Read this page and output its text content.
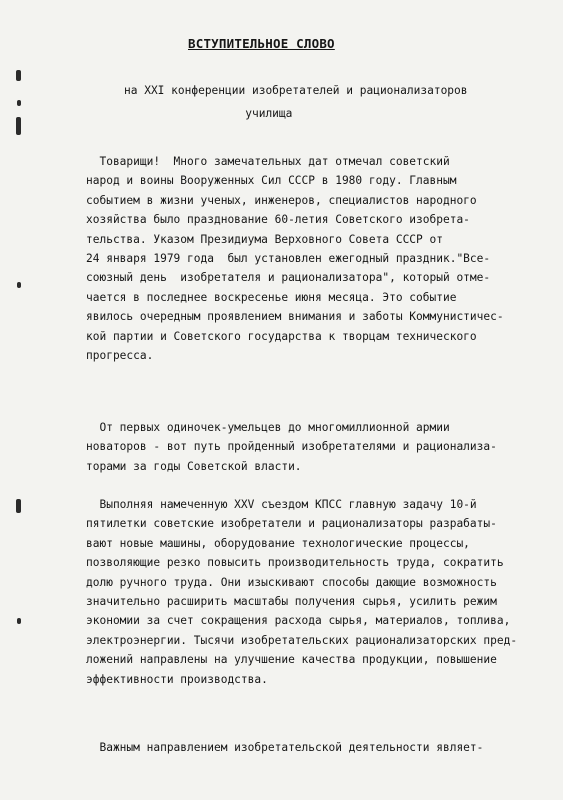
ВСТУПИТЕЛЬНОЕ СЛОВО
на XXI конференции изобретателей и рационализаторов
училища
Товарищи!  Много замечательных дат отмечал советский
народ и воины Вооруженных Сил СССР в 1980 году. Главным
событием в жизни ученых, инженеров, специалистов народного
хозяйства было празднование 60-летия Советского изобрета-
тельства. Указом Президиума Верховного Совета СССР от
24 января 1979 года  был установлен ежегодный праздник."Все-
союзный день  изобретателя и рационализатора", который отме-
чается в последнее воскресенье июня месяца. Это событие
явилось очередным проявлением внимания и заботы Коммунистичес-
кой партии и Советского государства к творцам технического
прогресса.
От первых одиночек-умельцев до многомиллионной армии
новаторов - вот путь пройденный изобретателями и рационализа-
торами за годы Советской власти.
Выполняя намеченную XXV съездом КПСС главную задачу 10-й
пятилетки советские изобретатели и рационализаторы разрабаты-
вают новые машины, оборудование технологические процессы,
позволяющие резко повысить производительность труда, сократить
долю ручного труда. Они изыскивают способы дающие возможность
значительно расширить масштабы получения сырья, усилить режим
экономии за счет сокращения расхода сырья, материалов, топлива,
электроэнергии. Тысячи изобретательских рационализаторских пред-
ложений направлены на улучшение качества продукции, повышение
эффективности производства.
Важным направлением изобретательской деятельности являет-
